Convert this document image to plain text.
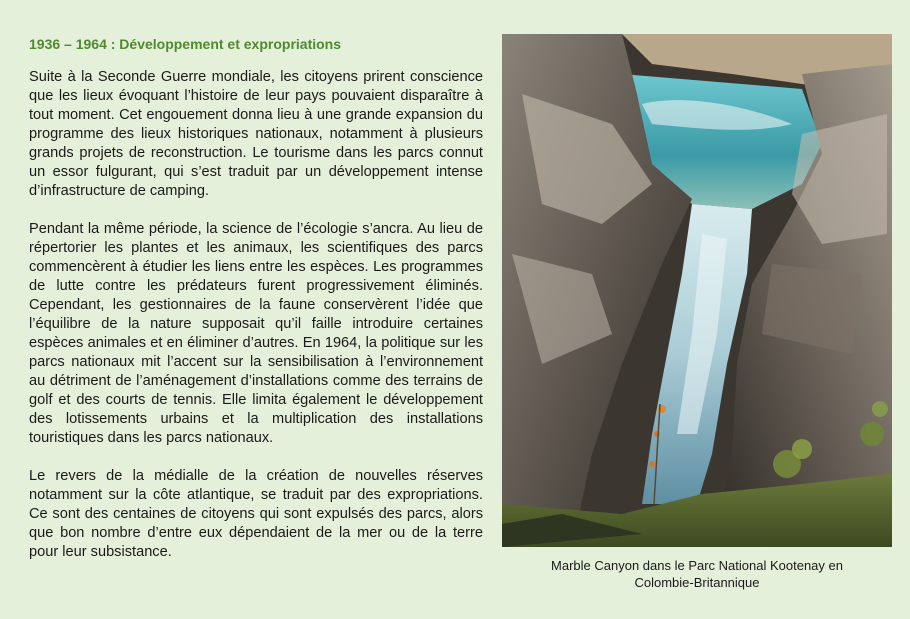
1936 – 1964 : Développement et expropriations

Suite à la Seconde Guerre mondiale, les citoyens prirent conscience que les lieux évoquant l’histoire de leur pays pouvaient disparaître à tout moment. Cet engouement donna lieu à une grande expansion du programme des lieux historiques nationaux, notamment à plusieurs grands projets de reconstruction. Le tourisme dans les parcs connut un essor fulgurant, qui s’est traduit par un développement intense d’infrastructure de camping.

Pendant la même période, la science de l’écologie s’ancra. Au lieu de répertorier les plantes et les animaux, les scientifiques des parcs commencèrent à étudier les liens entre les espèces. Les programmes de lutte contre les prédateurs furent progressivement éliminés. Cependant, les gestionnaires de la faune conservèrent l’idée que l’équilibre de la nature supposait qu’il faille introduire certaines espèces animales et en éliminer d’autres. En 1964, la politique sur les parcs nationaux mit l’accent sur la sensibilisation à l’environnement au détriment de l’aménagement d’installations comme des terrains de golf et des courts de tennis. Elle limita également le développement des lotissements urbains et la multiplication des installations touristiques dans les parcs nationaux.

Le revers de la médialle de la création de nouvelles réserves notamment sur la côte atlantique, se traduit par des expropriations. Ce sont des centaines de citoyens qui sont expulsés des parcs, alors que bon nombre d’entre eux dépendaient de la mer ou de la terre pour leur subsistance.

Marble Canyon dans le Parc National Kootenay en
Colombie-Britannique
